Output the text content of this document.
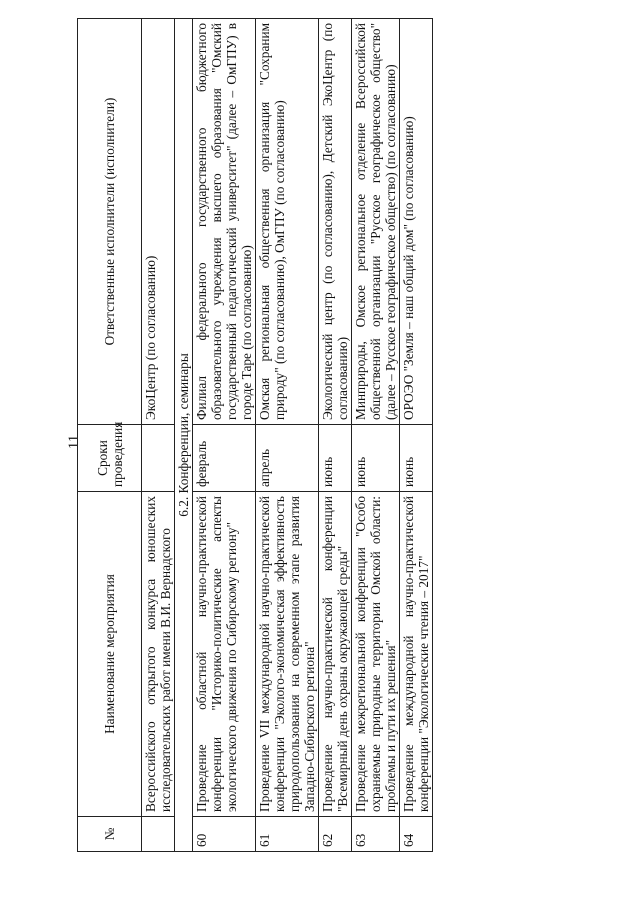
11
№	Наименование мероприятия	Сроки проведения	Ответственные исполнители (исполнители)
	Всероссийского открытого конкурса юношеских исследовательских работ имени В.И. Вернадского		ЭкоЦентр (по согласованию)
6.2. Конференции, семинары			
60	Проведение областной научно-практической конференции "Историко-политические аспекты экологического движения по Сибирскому региону"	февраль	Филиал федерального государственного бюджетного образовательного учреждения высшего образования "Омский государственный педагогический университет" (далее – ОмГПУ) в городе Таре (по согласованию)
61	Проведение VII международной научно-практической конференции "Эколого-экономическая эффективность природопользования на современном этапе развития Западно-Сибирского региона"	апрель	Омская региональная общественная организация "Сохраним природу" (по согласованию), ОмГПУ (по согласованию)
62	Проведение научно-практической конференции "Всемирный день охраны окружающей среды"	июнь	Экологический центр (по согласованию), Детский ЭкоЦентр (по согласованию)
63	Проведение межрегиональной конференции "Особо охраняемые природные территории Омской области: проблемы и пути их решения"	июнь	Минприроды, Омское региональное отделение Всероссийской общественной организации "Русское географическое общество" (далее – Русское географическое общество) (по согласованию)
64	Проведение международной научно-практической конференции "Экологические чтения – 2017"	июнь	ОРОЭО "Земля – наш общий дом" (по согласованию)
